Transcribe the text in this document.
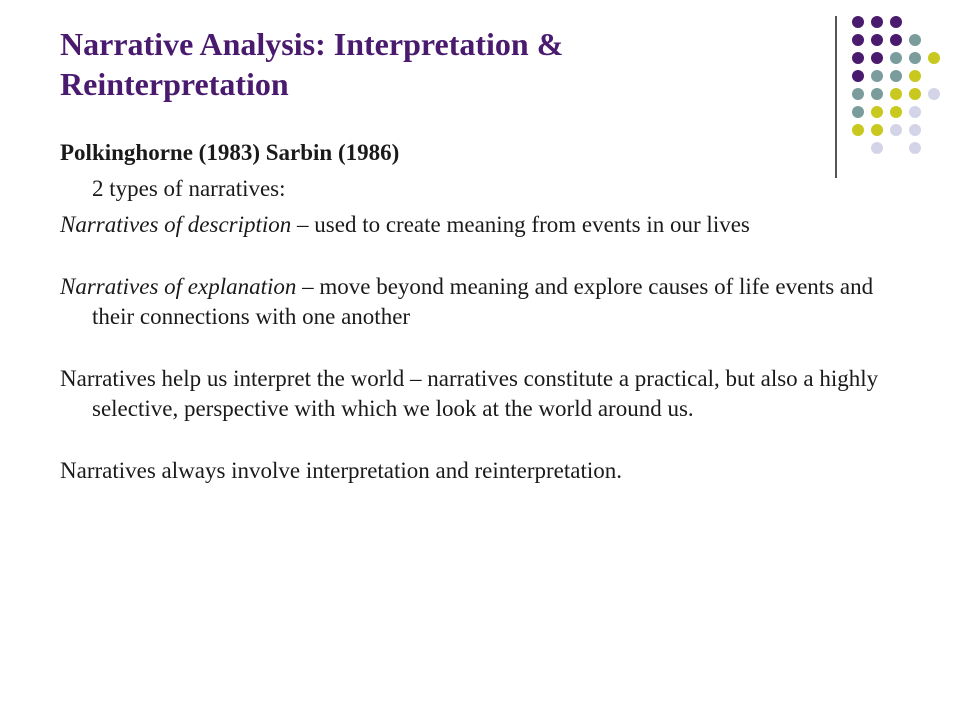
Narrative Analysis: Interpretation & Reinterpretation

Polkinghorne (1983) Sarbin (1986)

2 types of narratives:

Narratives of description – used to create meaning from events in our lives

Narratives of explanation – move beyond meaning and explore causes of life events and their connections with one another

Narratives help us interpret the world – narratives constitute a practical, but also a highly selective, perspective with which we look at the world around us.

Narratives always involve interpretation and reinterpretation.
